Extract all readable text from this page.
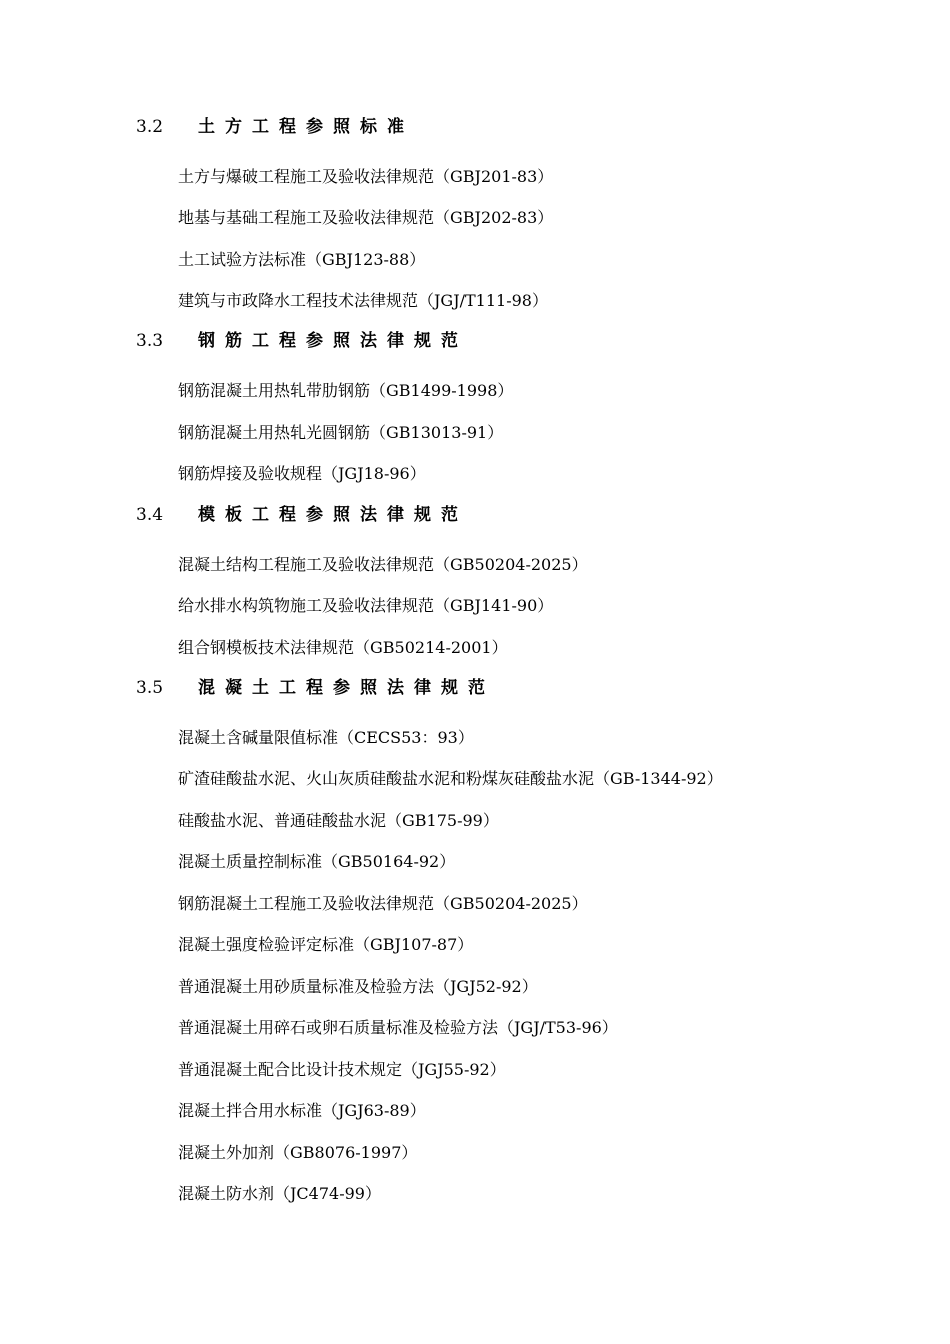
3.2 土方工程参照标准
土方与爆破工程施工及验收法律规范（GBJ201-83）
地基与基础工程施工及验收法律规范（GBJ202-83）
土工试验方法标准（GBJ123-88）
建筑与市政降水工程技术法律规范（JGJ/T111-98）
3.3 钢筋工程参照法律规范
钢筋混凝土用热轧带肋钢筋（GB1499-1998）
钢筋混凝土用热轧光圆钢筋（GB13013-91）
钢筋焊接及验收规程（JGJ18-96）
3.4 模板工程参照法律规范
混凝土结构工程施工及验收法律规范（GB50204-2025）
给水排水构筑物施工及验收法律规范（GBJ141-90）
组合钢模板技术法律规范（GB50214-2001）
3.5 混凝土工程参照法律规范
混凝土含碱量限值标准（CECS53：93）
矿渣硅酸盐水泥、火山灰质硅酸盐水泥和粉煤灰硅酸盐水泥（GB-1344-92）
硅酸盐水泥、普通硅酸盐水泥（GB175-99）
混凝土质量控制标准（GB50164-92）
钢筋混凝土工程施工及验收法律规范（GB50204-2025）
混凝土强度检验评定标准（GBJ107-87）
普通混凝土用砂质量标准及检验方法（JGJ52-92）
普通混凝土用碎石或卵石质量标准及检验方法（JGJ/T53-96）
普通混凝土配合比设计技术规定（JGJ55-92）
混凝土拌合用水标准（JGJ63-89）
混凝土外加剂（GB8076-1997）
混凝土防水剂（JC474-99）
